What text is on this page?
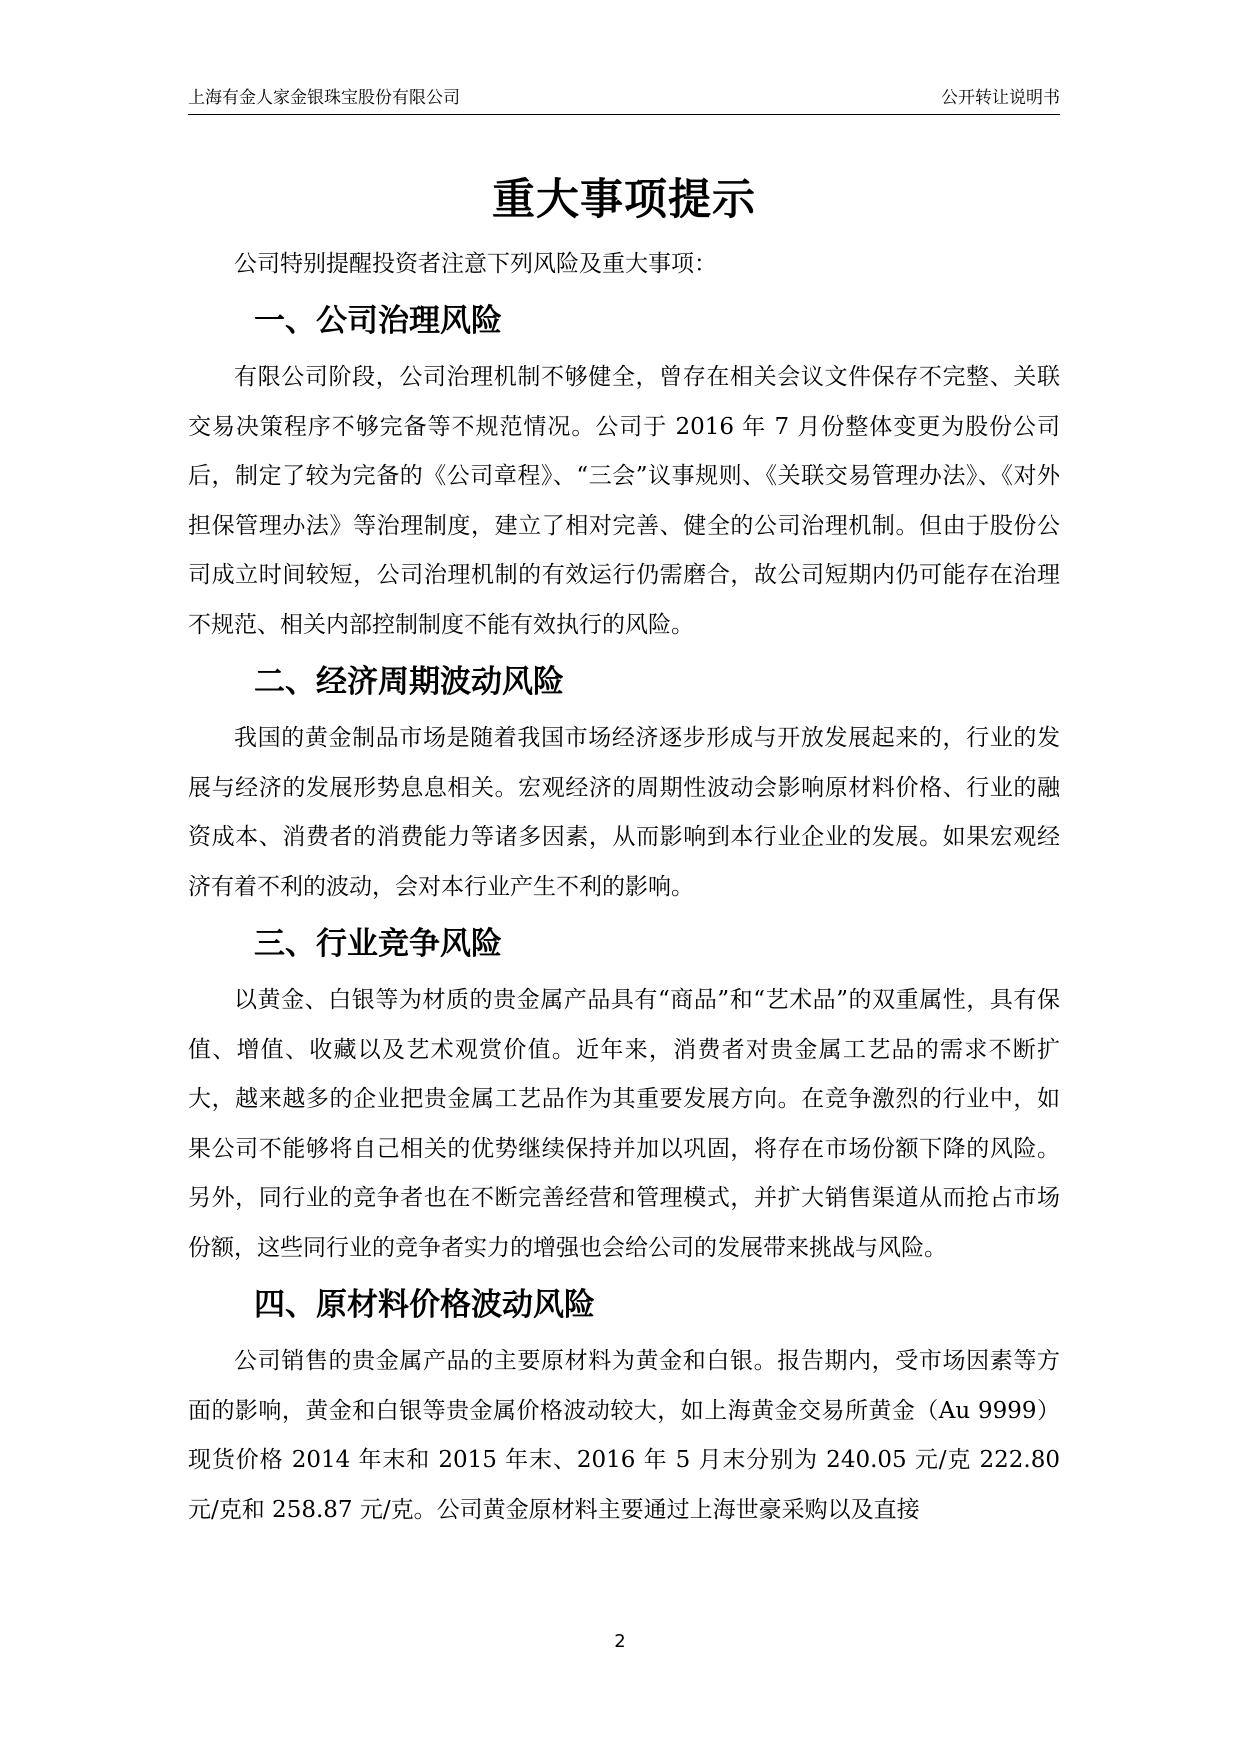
上海有金人家金银珠宝股份有限公司	公开转让说明书
重大事项提示

公司特别提醒投资者注意下列风险及重大事项：

一、公司治理风险

有限公司阶段，公司治理机制不够健全，曾存在相关会议文件保存不完整、关联交易决策程序不够完备等不规范情况。公司于 2016 年 7 月份整体变更为股份公司后，制定了较为完备的《公司章程》、“三会”议事规则、《关联交易管理办法》、《对外担保管理办法》等治理制度，建立了相对完善、健全的公司治理机制。但由于股份公司成立时间较短，公司治理机制的有效运行仍需磨合，故公司短期内仍可能存在治理不规范、相关内部控制制度不能有效执行的风险。

二、经济周期波动风险

我国的黄金制品市场是随着我国市场经济逐步形成与开放发展起来的，行业的发展与经济的发展形势息息相关。宏观经济的周期性波动会影响原材料价格、行业的融资成本、消费者的消费能力等诸多因素，从而影响到本行业企业的发展。如果宏观经济有着不利的波动，会对本行业产生不利的影响。

三、行业竞争风险

以黄金、白银等为材质的贵金属产品具有“商品”和“艺术品”的双重属性，具有保值、增值、收藏以及艺术观赏价值。近年来，消费者对贵金属工艺品的需求不断扩大，越来越多的企业把贵金属工艺品作为其重要发展方向。在竞争激烈的行业中，如果公司不能够将自己相关的优势继续保持并加以巩固，将存在市场份额下降的风险。另外，同行业的竞争者也在不断完善经营和管理模式，并扩大销售渠道从而抢占市场份额，这些同行业的竞争者实力的增强也会给公司的发展带来挑战与风险。

四、原材料价格波动风险

公司销售的贵金属产品的主要原材料为黄金和白银。报告期内，受市场因素等方面的影响，黄金和白银等贵金属价格波动较大，如上海黄金交易所黄金（Au 9999）现货价格 2014 年末和 2015 年末、2016 年 5 月末分别为 240.05 元/克 222.80 元/克和 258.87 元/克。公司黄金原材料主要通过上海世豪采购以及直接

2
